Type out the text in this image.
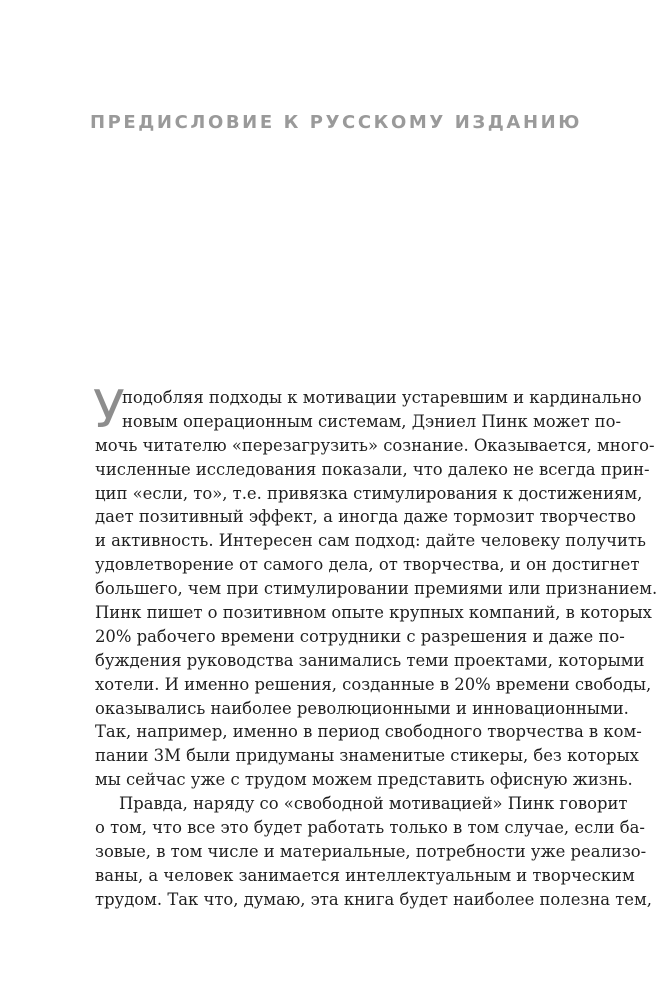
ПРЕДИСЛОВИЕ К РУССКОМУ ИЗДАНИЮ
У
подобляя подходы к мотивации устаревшим и кардинально
новым операционным системам, Дэниел Пинк может по-
мочь читателю «перезагрузить» сознание. Оказывается, много-
численные исследования показали, что далеко не всегда прин-
цип «если, то», т.е. привязка стимулирования к достижениям,
дает позитивный эффект, а иногда даже тормозит творчество
и активность. Интересен сам подход: дайте человеку получить
удовлетворение от самого дела, от творчества, и он достигнет
большего, чем при стимулировании премиями или признанием.
Пинк пишет о позитивном опыте крупных компаний, в которых
20% рабочего времени сотрудники с разрешения и даже по-
буждения руководства занимались теми проектами, которыми
хотели. И именно решения, созданные в 20% времени свободы,
оказывались наиболее революционными и инновационными.
Так, например, именно в период свободного творчества в ком-
пании 3M были придуманы знаменитые стикеры, без которых
мы сейчас уже с трудом можем представить офисную жизнь.
Правда, наряду со «свободной мотивацией» Пинк говорит
о том, что все это будет работать только в том случае, если ба-
зовые, в том числе и материальные, потребности уже реализо-
ваны, а человек занимается интеллектуальным и творческим
трудом. Так что, думаю, эта книга будет наиболее полезна тем,
